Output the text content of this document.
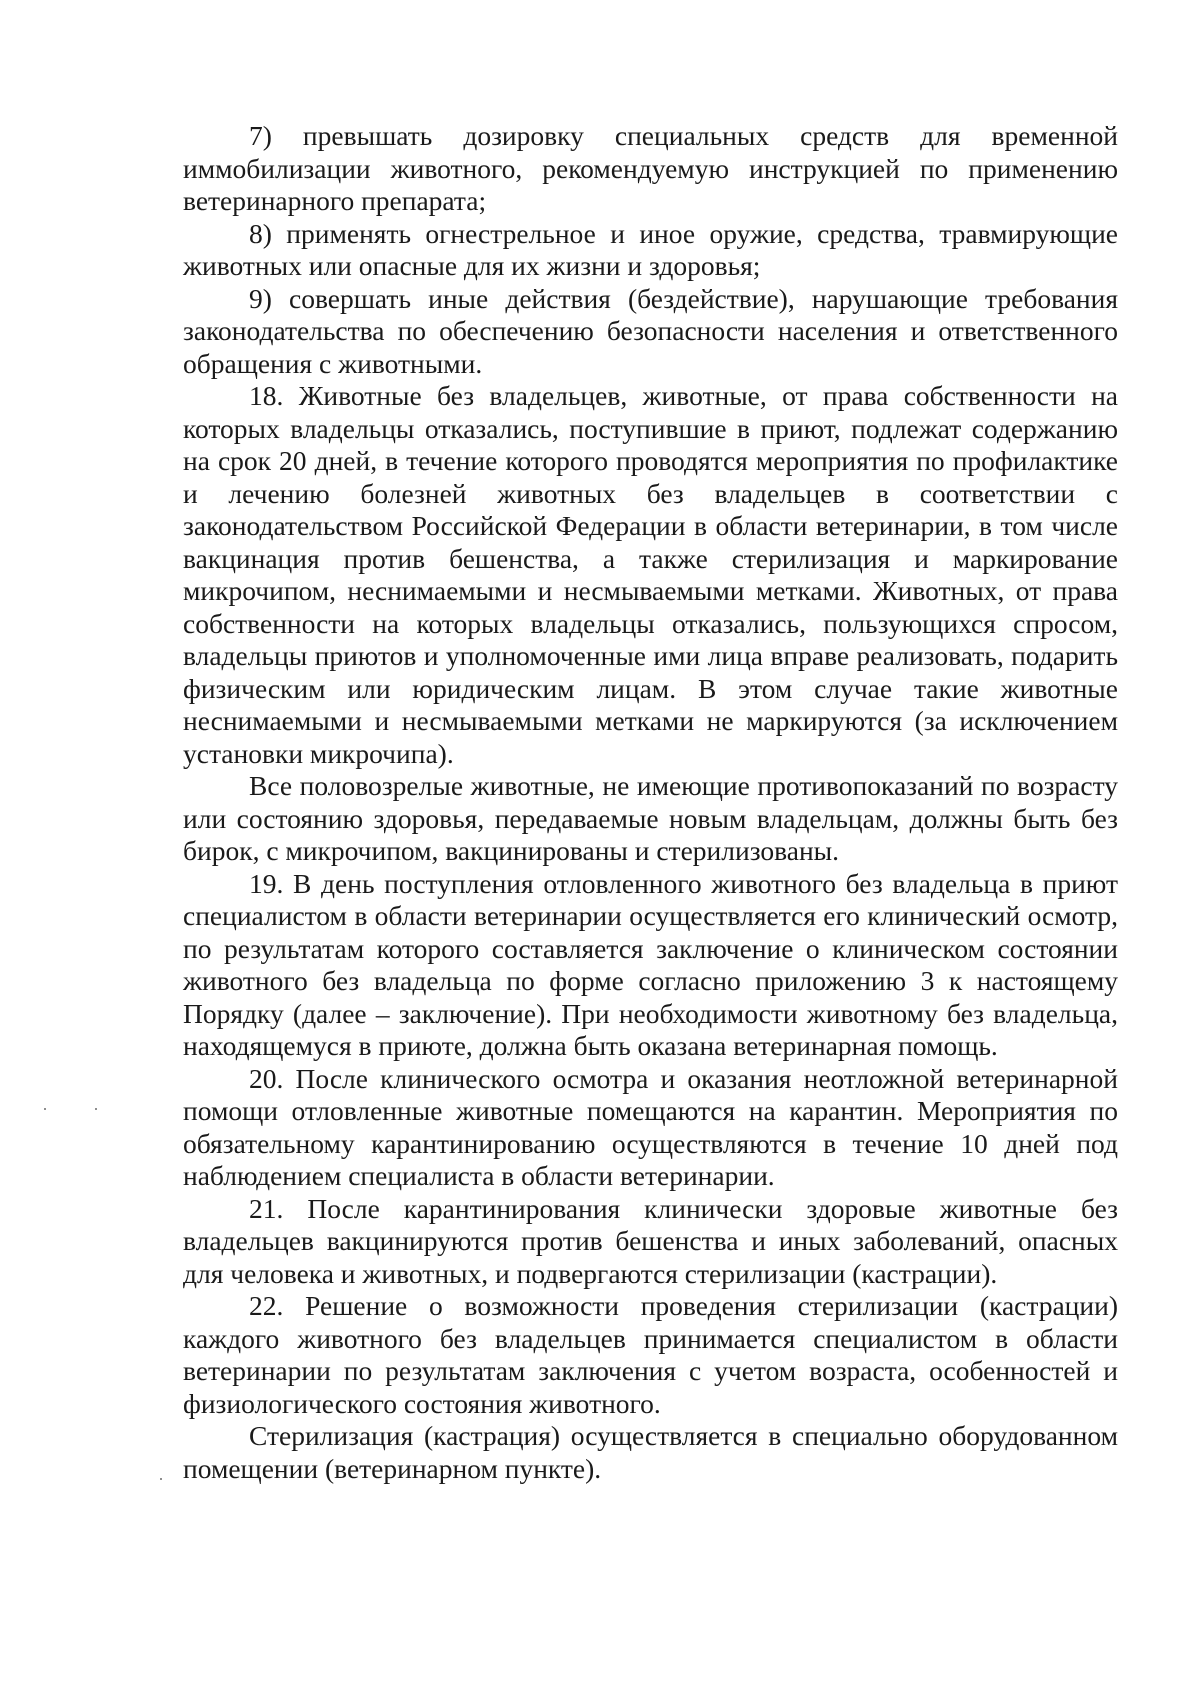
7) превышать дозировку специальных средств для временной иммобилизации животного, рекомендуемую инструкцией по применению ветеринарного препарата;

8) применять огнестрельное и иное оружие, средства, травмирующие животных или опасные для их жизни и здоровья;

9) совершать иные действия (бездействие), нарушающие требования законодательства по обеспечению безопасности населения и ответственного обращения с животными.

18. Животные без владельцев, животные, от права собственности на которых владельцы отказались, поступившие в приют, подлежат содержанию на срок 20 дней, в течение которого проводятся мероприятия по профилактике и лечению болезней животных без владельцев в соответствии с законодательством Российской Федерации в области ветеринарии, в том числе вакцинация против бешенства, а также стерилизация и маркирование микрочипом, неснимаемыми и несмываемыми метками. Животных, от права собственности на которых владельцы отказались, пользующихся спросом, владельцы приютов и уполномоченные ими лица вправе реализовать, подарить физическим или юридическим лицам. В этом случае такие животные неснимаемыми и несмываемыми метками не маркируются (за исключением установки микрочипа).

Все половозрелые животные, не имеющие противопоказаний по возрасту или состоянию здоровья, передаваемые новым владельцам, должны быть без бирок, с микрочипом, вакцинированы и стерилизованы.

19. В день поступления отловленного животного без владельца в приют специалистом в области ветеринарии осуществляется его клинический осмотр, по результатам которого составляется заключение о клиническом состоянии животного без владельца по форме согласно приложению 3 к настоящему Порядку (далее – заключение). При необходимости животному без владельца, находящемуся в приюте, должна быть оказана ветеринарная помощь.

20. После клинического осмотра и оказания неотложной ветеринарной помощи отловленные животные помещаются на карантин. Мероприятия по обязательному карантинированию осуществляются в течение 10 дней под наблюдением специалиста в области ветеринарии.

21. После карантинирования клинически здоровые животные без владельцев вакцинируются против бешенства и иных заболеваний, опасных для человека и животных, и подвергаются стерилизации (кастрации).

22. Решение о возможности проведения стерилизации (кастрации) каждого животного без владельцев принимается специалистом в области ветеринарии по результатам заключения с учетом возраста, особенностей и физиологического состояния животного.

Стерилизация (кастрация) осуществляется в специально оборудованном помещении (ветеринарном пункте).
